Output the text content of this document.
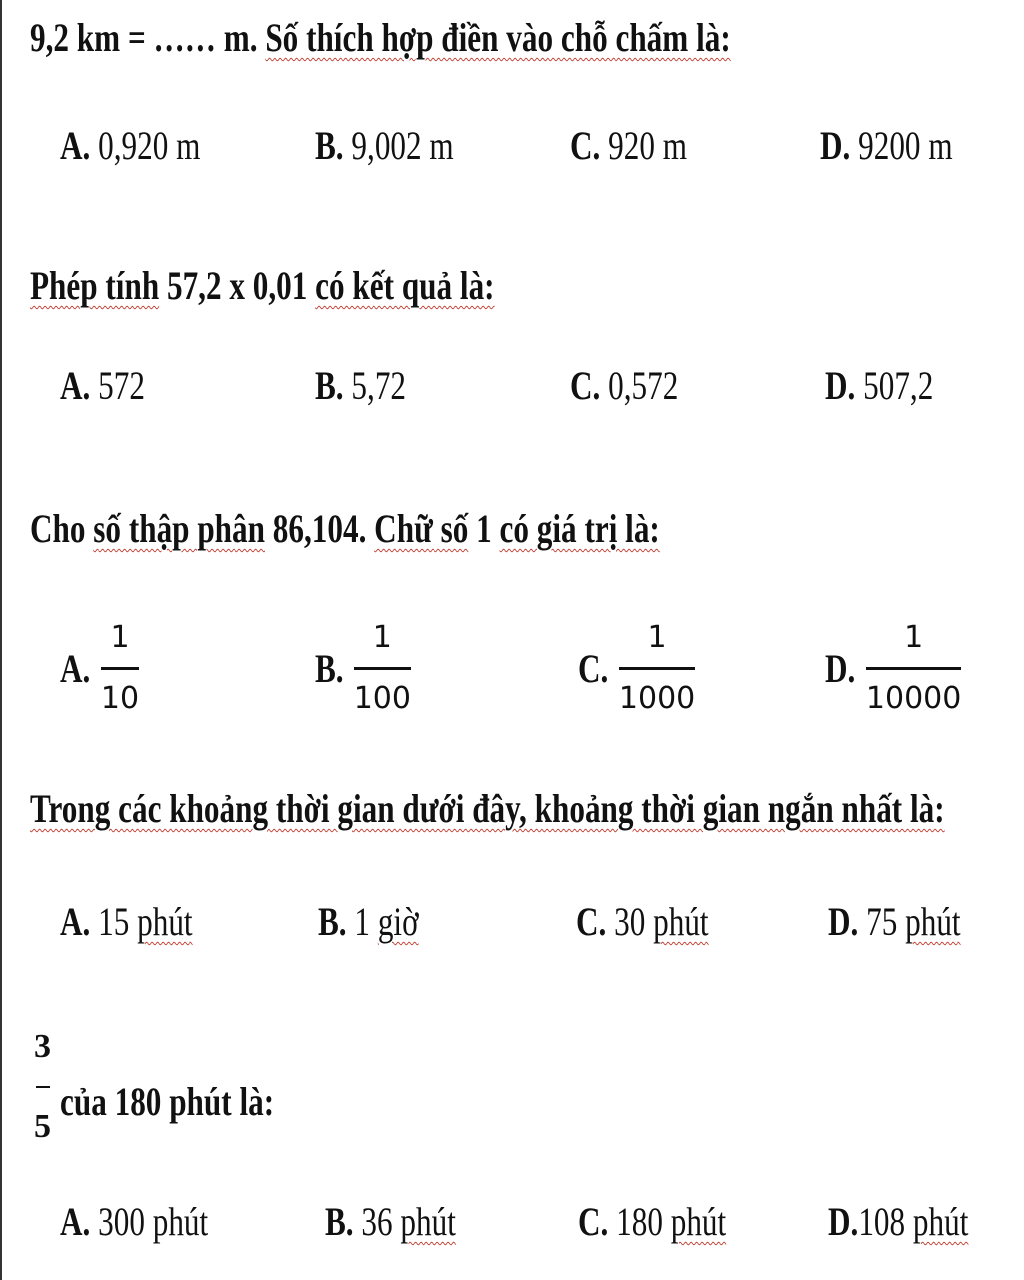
9,2 km = …… m. Số thích hợp điền vào chỗ chấm là:
A. 0,920 m	B. 9,002 m	C. 920 m	D. 9200 m
Phép tính 57,2 x 0,01 có kết quả là:
A. 572	B. 5,72	C. 0,572	D. 507,2
Cho số thập phân 86,104. Chữ số 1 có giá trị là:
A. $\frac{1}{10}$	B. $\frac{1}{100}$	C. $\frac{1}{1000}$	D. $\frac{1}{10000}$
Trong các khoảng thời gian dưới đây, khoảng thời gian ngắn nhất là:
A. 15 phút	B. 1 giờ	C. 30 phút	D. 75 phút
3
5
của 180 phút là:
A. 300 phút	B. 36 phút	C. 180 phút	D.108 phút
